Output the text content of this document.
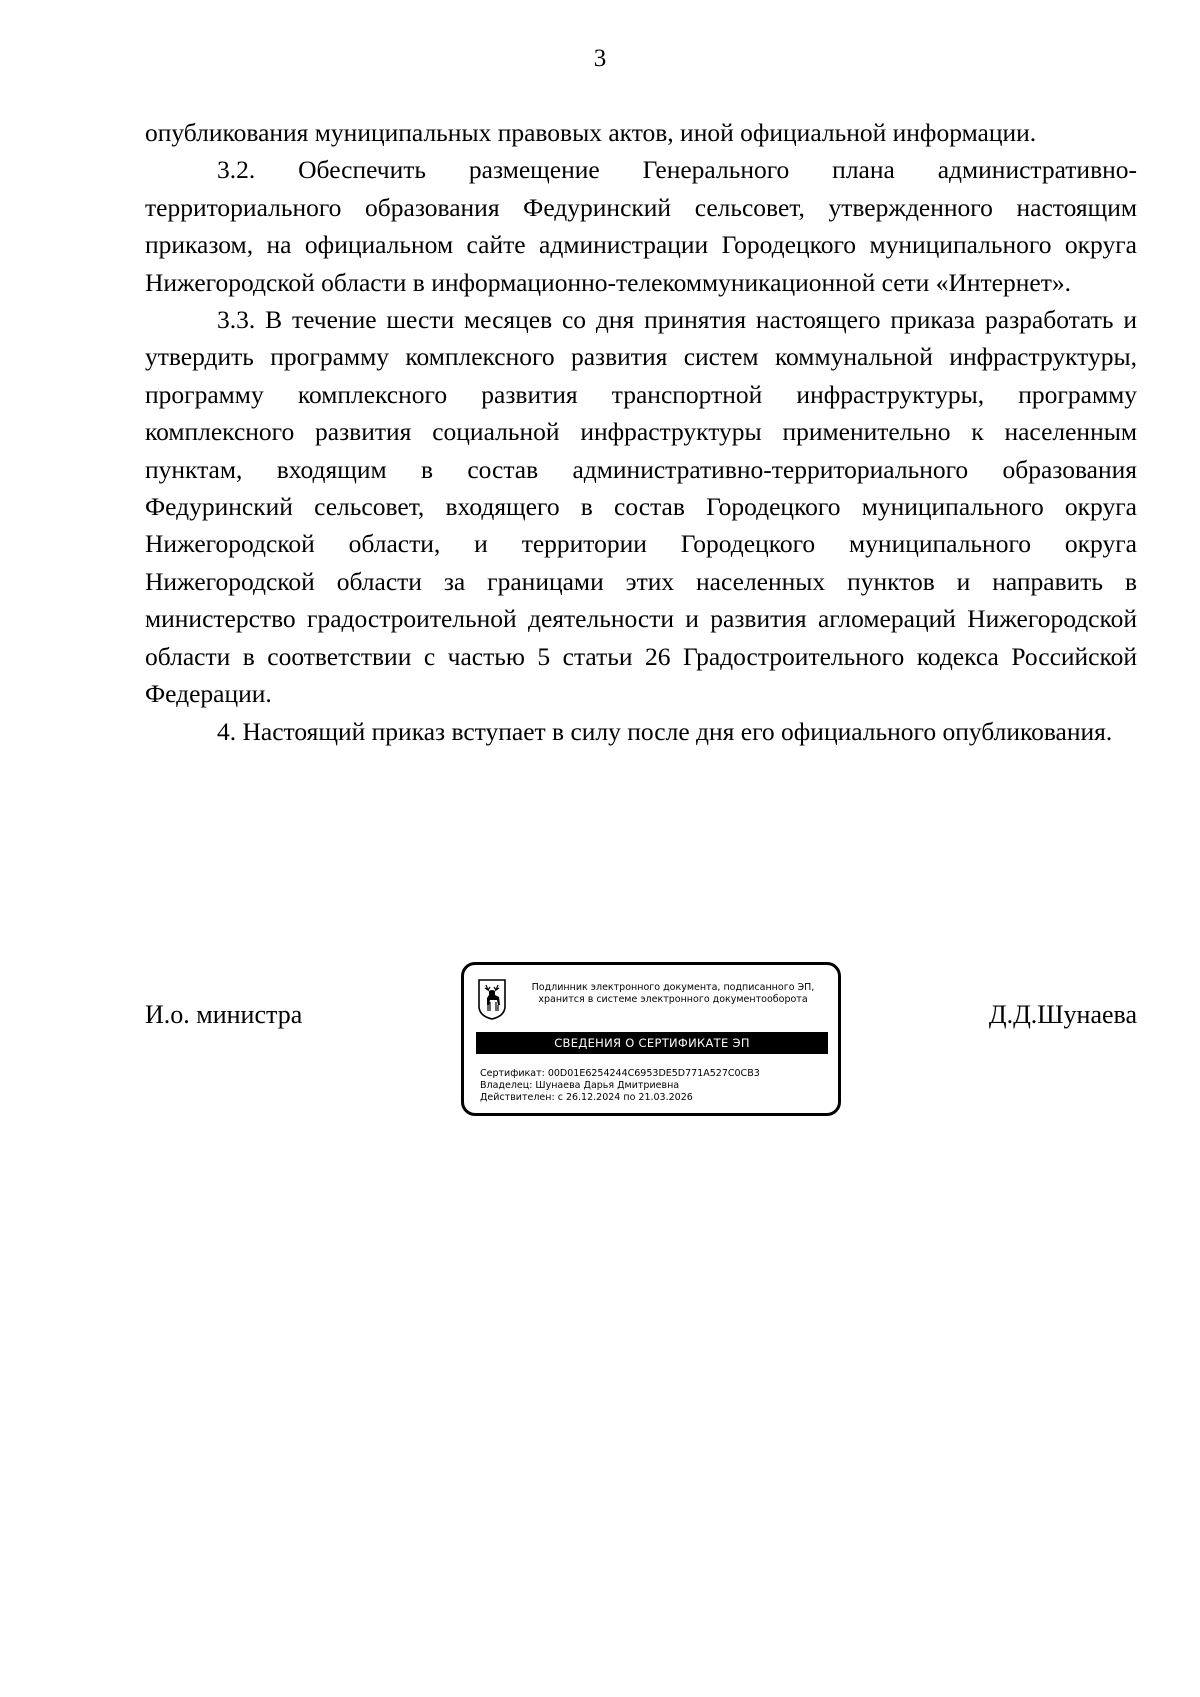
3

опубликования муниципальных правовых актов, иной официальной информации.

3.2. Обеспечить размещение Генерального плана административно-территориального образования Федуринский сельсовет, утвержденного настоящим приказом, на официальном сайте администрации Городецкого муниципального округа Нижегородской области в информационно-телекоммуникационной сети «Интернет».

3.3. В течение шести месяцев со дня принятия настоящего приказа разработать и утвердить программу комплексного развития систем коммунальной инфраструктуры, программу комплексного развития транспортной инфраструктуры, программу комплексного развития социальной инфраструктуры применительно к населенным пунктам, входящим в состав административно-территориального образования Федуринский сельсовет, входящего в состав Городецкого муниципального округа Нижегородской области, и территории Городецкого муниципального округа Нижегородской области за границами этих населенных пунктов и направить в министерство градостроительной деятельности и развития агломераций Нижегородской области в соответствии с частью 5 статьи 26 Градостроительного кодекса Российской Федерации.

4. Настоящий приказ вступает в силу после дня его официального опубликования.

И.о. министра
Подлинник электронного документа, подписанного ЭП,
хранится в системе электронного документооборота
СВЕДЕНИЯ О СЕРТИФИКАТЕ ЭП
Сертификат: 00D01E6254244C6953DE5D771A527C0CB3
Владелец: Шунаева Дарья Дмитриевна
Действителен: с 26.12.2024 по 21.03.2026
Д.Д.Шунаева
